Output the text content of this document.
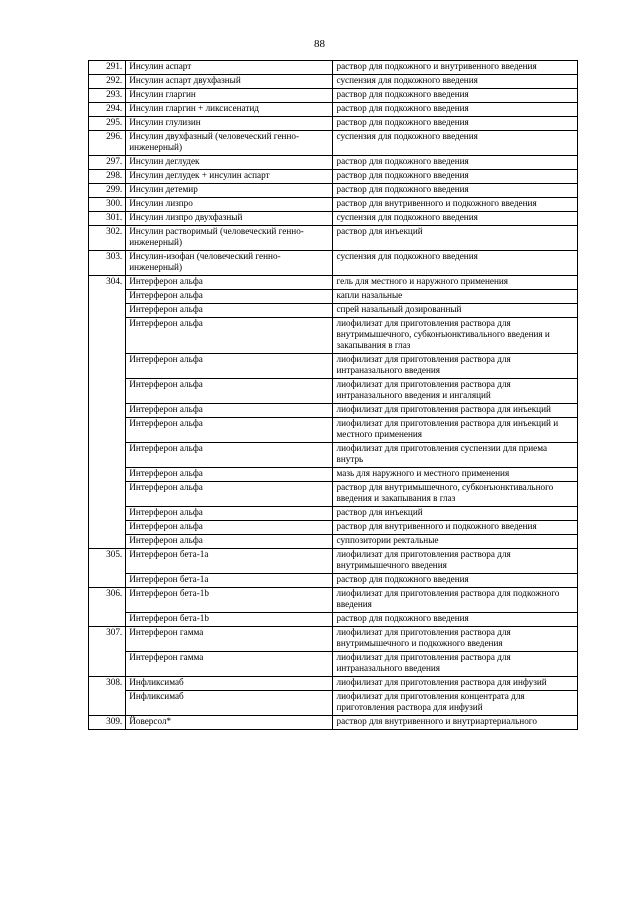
88
291.	Инсулин аспарт	раствор для подкожного и внутривенного введения
292.	Инсулин аспарт двухфазный	суспензия для подкожного введения
293.	Инсулин гларгин	раствор для подкожного введения
294.	Инсулин гларгин + ликсисенатид	раствор для подкожного введения
295.	Инсулин глулизин	раствор для подкожного введения
296.	Инсулин двухфазный (человеческий генно-инженерный)	суспензия для подкожного введения
297.	Инсулин деглудек	раствор для подкожного введения
298.	Инсулин деглудек + инсулин аспарт	раствор для подкожного введения
299.	Инсулин детемир	раствор для подкожного введения
300.	Инсулин лизпро	раствор для внутривенного и подкожного введения
301.	Инсулин лизпро двухфазный	суспензия для подкожного введения
302.	Инсулин растворимый (человеческий генно-инженерный)	раствор для инъекций
303.	Инсулин-изофан (человеческий генно-инженерный)	суспензия для подкожного введения
304.	Интерферон альфа	гель для местного и наружного применения
	Интерферон альфа	капли назальные
	Интерферон альфа	спрей назальный дозированный
	Интерферон альфа	лиофилизат для приготовления раствора для внутримышечного, субконъюнктивального введения и закапывания в глаз
	Интерферон альфа	лиофилизат для приготовления раствора для интраназального введения
	Интерферон альфа	лиофилизат для приготовления раствора для интраназального введения и ингаляций
	Интерферон альфа	лиофилизат для приготовления раствора для инъекций
	Интерферон альфа	лиофилизат для приготовления раствора для инъекций и местного применения
	Интерферон альфа	лиофилизат для приготовления суспензии для приема внутрь
	Интерферон альфа	мазь для наружного и местного применения
	Интерферон альфа	раствор для внутримышечного, субконъюнктивального введения и закапывания в глаз
	Интерферон альфа	раствор для инъекций
	Интерферон альфа	раствор для внутривенного и подкожного введения
	Интерферон альфа	суппозитории ректальные
305.	Интерферон бета-1a	лиофилизат для приготовления раствора для внутримышечного введения
	Интерферон бета-1a	раствор для подкожного введения
306.	Интерферон бета-1b	лиофилизат для приготовления раствора для подкожного введения
	Интерферон бета-1b	раствор для подкожного введения
307.	Интерферон гамма	лиофилизат для приготовления раствора для внутримышечного и подкожного введения
	Интерферон гамма	лиофилизат для приготовления раствора для интраназального введения
308.	Инфликсимаб	лиофилизат для приготовления раствора для инфузий
	Инфликсимаб	лиофилизат для приготовления концентрата для приготовления раствора для инфузий
309.	Йоверсол*	раствор для внутривенного и внутриартериального
